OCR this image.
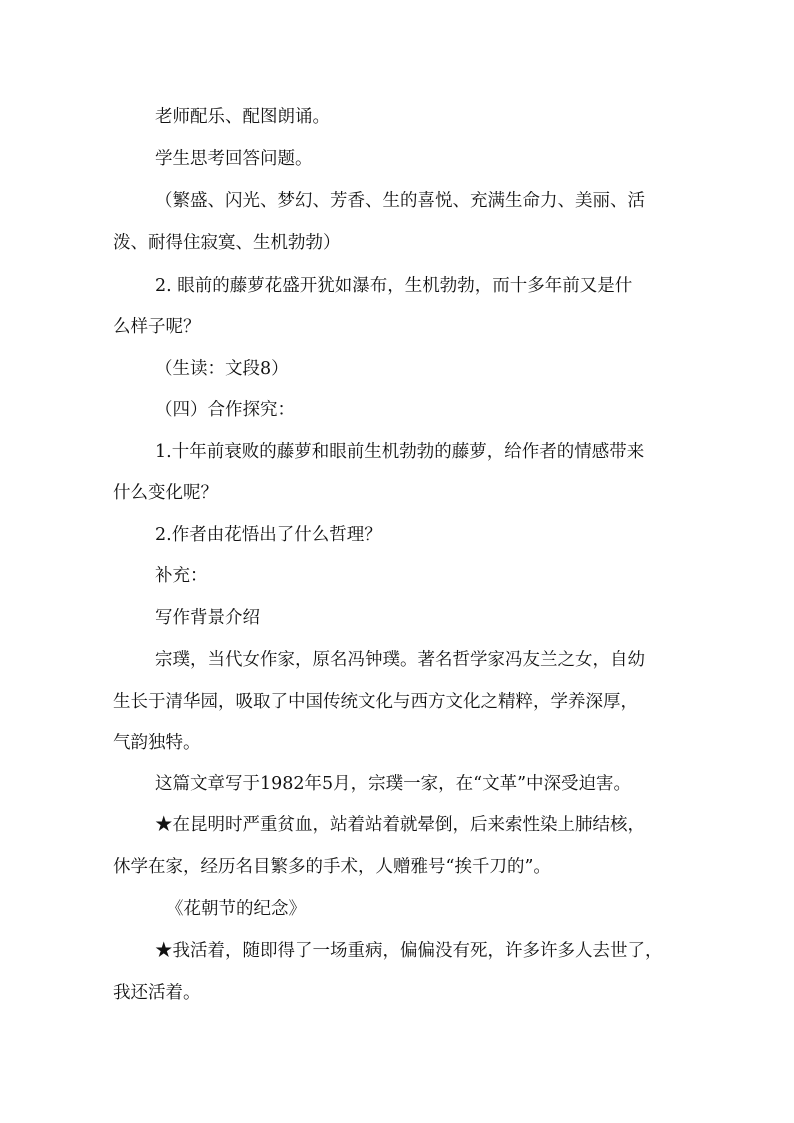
老师配乐、配图朗诵。
学生思考回答问题。
（繁盛、闪光、梦幻、芳香、生的喜悦、充满生命力、美丽、活
泼、耐得住寂寞、生机勃勃）
2. 眼前的藤萝花盛开犹如瀑布，生机勃勃，而十多年前又是什
么样子呢？
（生读：文段8）
（四）合作探究：
1.十年前衰败的藤萝和眼前生机勃勃的藤萝，给作者的情感带来
什么变化呢？
2.作者由花悟出了什么哲理？
补充：
写作背景介绍
宗璞，当代女作家，原名冯钟璞。著名哲学家冯友兰之女，自幼
生长于清华园，吸取了中国传统文化与西方文化之精粹，学养深厚，
气韵独特。
这篇文章写于1982年5月，宗璞一家，在“文革”中深受迫害。
★在昆明时严重贫血，站着站着就晕倒，后来索性染上肺结核，
休学在家，经历名目繁多的手术，人赠雅号“挨千刀的”。
《花朝节的纪念》
★我活着，随即得了一场重病，偏偏没有死，许多许多人去世了，
我还活着。
